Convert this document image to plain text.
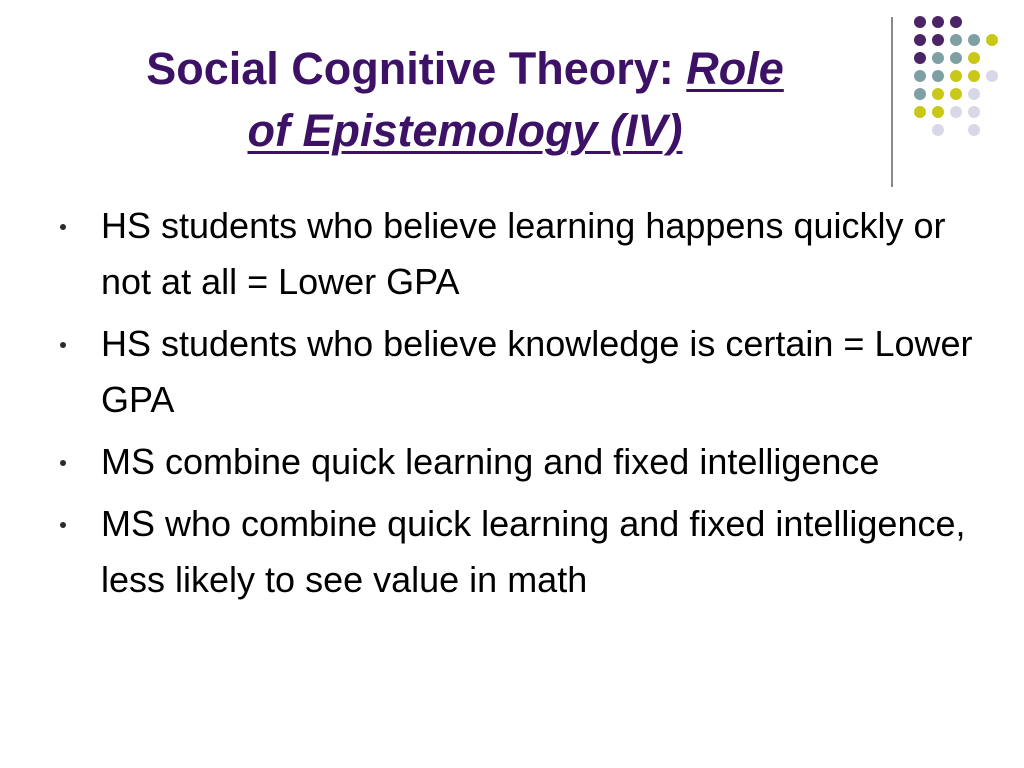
Social Cognitive Theory: Role
of Epistemology (IV)
HS students who believe learning happens quickly or not at all = Lower GPA
HS students who believe knowledge is certain = Lower GPA
MS combine quick learning and fixed intelligence
MS who combine quick learning and fixed intelligence, less likely to see value in math
